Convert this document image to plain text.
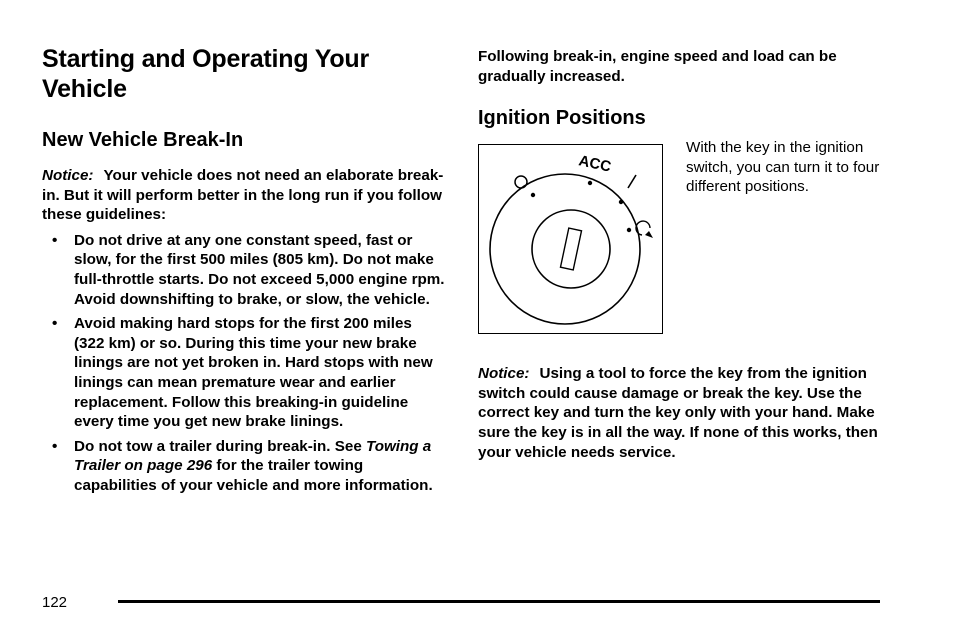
Starting and Operating Your Vehicle
New Vehicle Break-In

Notice: Your vehicle does not need an elaborate break-in. But it will perform better in the long run if you follow these guidelines:

• Do not drive at any one constant speed, fast or slow, for the first 500 miles (805 km). Do not make full-throttle starts. Do not exceed 5,000 engine rpm. Avoid downshifting to brake, or slow, the vehicle.
• Avoid making hard stops for the first 200 miles (322 km) or so. During this time your new brake linings are not yet broken in. Hard stops with new linings can mean premature wear and earlier replacement. Follow this breaking-in guideline every time you get new brake linings.
• Do not tow a trailer during break-in. See Towing a Trailer on page 296 for the trailer towing capabilities of your vehicle and more information.

Following break-in, engine speed and load can be gradually increased.

Ignition Positions
ACC
With the key in the ignition switch, you can turn it to four different positions.

Notice: Using a tool to force the key from the ignition switch could cause damage or break the key. Use the correct key and turn the key only with your hand. Make sure the key is in all the way. If none of this works, then your vehicle needs service.

122
